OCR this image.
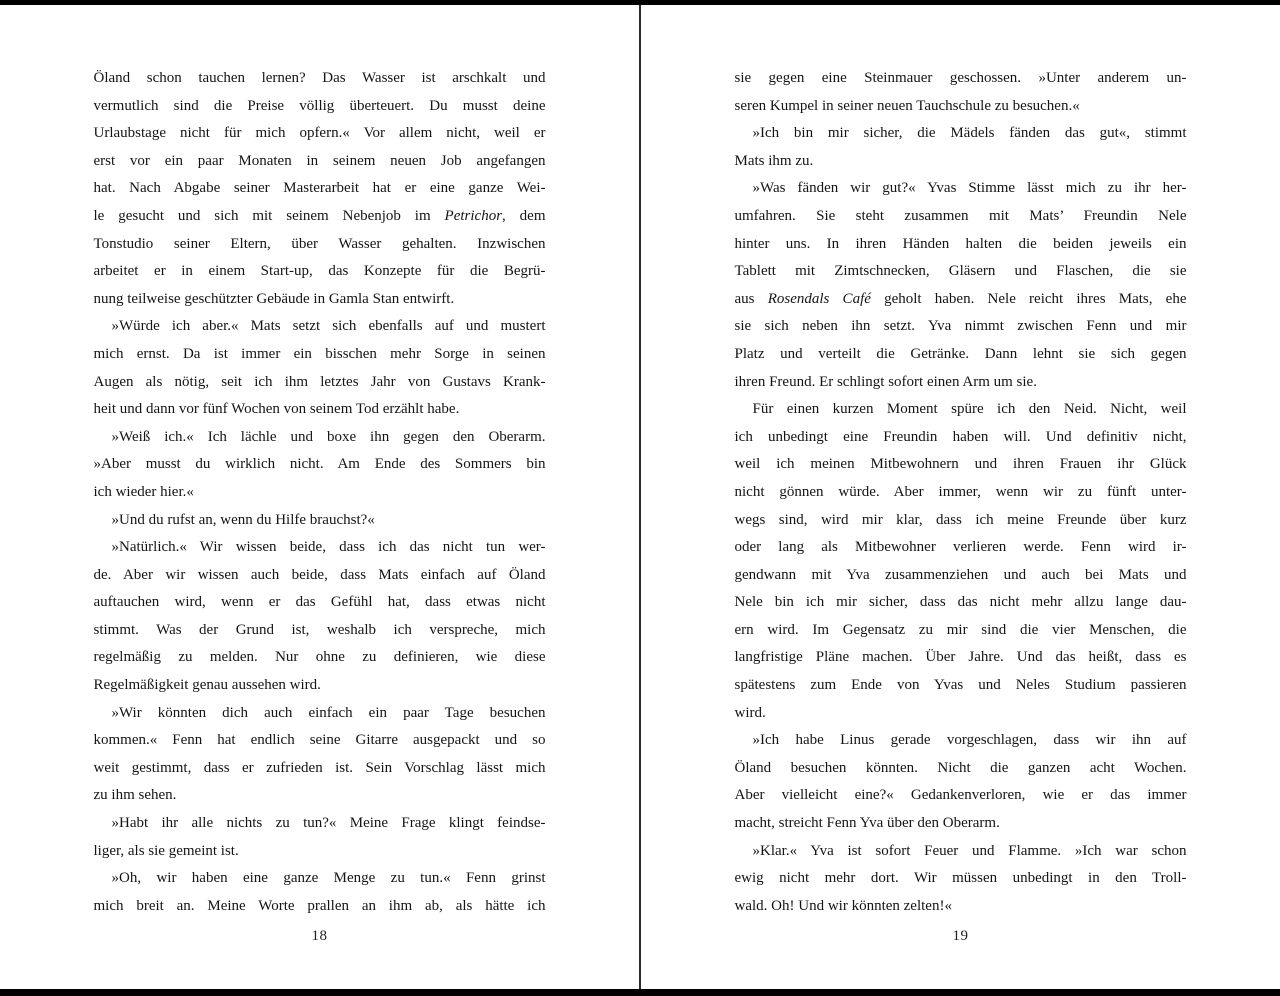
Öland schon tauchen lernen? Das Wasser ist arschkalt und
vermutlich sind die Preise völlig überteuert. Du musst deine
Urlaubstage nicht für mich opfern.« Vor allem nicht, weil er
erst vor ein paar Monaten in seinem neuen Job angefangen
hat. Nach Abgabe seiner Masterarbeit hat er eine ganze Wei-
le gesucht und sich mit seinem Nebenjob im Petrichor, dem
Tonstudio seiner Eltern, über Wasser gehalten. Inzwischen
arbeitet er in einem Start-up, das Konzepte für die Begrü-
nung teilweise geschützter Gebäude in Gamla Stan entwirft.
»Würde ich aber.« Mats setzt sich ebenfalls auf und mustert
mich ernst. Da ist immer ein bisschen mehr Sorge in seinen
Augen als nötig, seit ich ihm letztes Jahr von Gustavs Krank-
heit und dann vor fünf Wochen von seinem Tod erzählt habe.
»Weiß ich.« Ich lächle und boxe ihn gegen den Oberarm.
»Aber musst du wirklich nicht. Am Ende des Sommers bin
ich wieder hier.«
»Und du rufst an, wenn du Hilfe brauchst?«
»Natürlich.« Wir wissen beide, dass ich das nicht tun wer-
de. Aber wir wissen auch beide, dass Mats einfach auf Öland
auftauchen wird, wenn er das Gefühl hat, dass etwas nicht
stimmt. Was der Grund ist, weshalb ich verspreche, mich
regelmäßig zu melden. Nur ohne zu definieren, wie diese
Regelmäßigkeit genau aussehen wird.
»Wir könnten dich auch einfach ein paar Tage besuchen
kommen.« Fenn hat endlich seine Gitarre ausgepackt und so
weit gestimmt, dass er zufrieden ist. Sein Vorschlag lässt mich
zu ihm sehen.
»Habt ihr alle nichts zu tun?« Meine Frage klingt feindse-
liger, als sie gemeint ist.
»Oh, wir haben eine ganze Menge zu tun.« Fenn grinst
mich breit an. Meine Worte prallen an ihm ab, als hätte ich
18
sie gegen eine Steinmauer geschossen. »Unter anderem un-
seren Kumpel in seiner neuen Tauchschule zu besuchen.«
»Ich bin mir sicher, die Mädels fänden das gut«, stimmt
Mats ihm zu.
»Was fänden wir gut?« Yvas Stimme lässt mich zu ihr her-
umfahren. Sie steht zusammen mit Mats’ Freundin Nele
hinter uns. In ihren Händen halten die beiden jeweils ein
Tablett mit Zimtschnecken, Gläsern und Flaschen, die sie
aus Rosendals Café geholt haben. Nele reicht ihres Mats, ehe
sie sich neben ihn setzt. Yva nimmt zwischen Fenn und mir
Platz und verteilt die Getränke. Dann lehnt sie sich gegen
ihren Freund. Er schlingt sofort einen Arm um sie.
Für einen kurzen Moment spüre ich den Neid. Nicht, weil
ich unbedingt eine Freundin haben will. Und definitiv nicht,
weil ich meinen Mitbewohnern und ihren Frauen ihr Glück
nicht gönnen würde. Aber immer, wenn wir zu fünft unter-
wegs sind, wird mir klar, dass ich meine Freunde über kurz
oder lang als Mitbewohner verlieren werde. Fenn wird ir-
gendwann mit Yva zusammenziehen und auch bei Mats und
Nele bin ich mir sicher, dass das nicht mehr allzu lange dau-
ern wird. Im Gegensatz zu mir sind die vier Menschen, die
langfristige Pläne machen. Über Jahre. Und das heißt, dass es
spätestens zum Ende von Yvas und Neles Studium passieren
wird.
»Ich habe Linus gerade vorgeschlagen, dass wir ihn auf
Öland besuchen könnten. Nicht die ganzen acht Wochen.
Aber vielleicht eine?« Gedankenverloren, wie er das immer
macht, streicht Fenn Yva über den Oberarm.
»Klar.« Yva ist sofort Feuer und Flamme. »Ich war schon
ewig nicht mehr dort. Wir müssen unbedingt in den Troll-
wald. Oh! Und wir könnten zelten!«
19
